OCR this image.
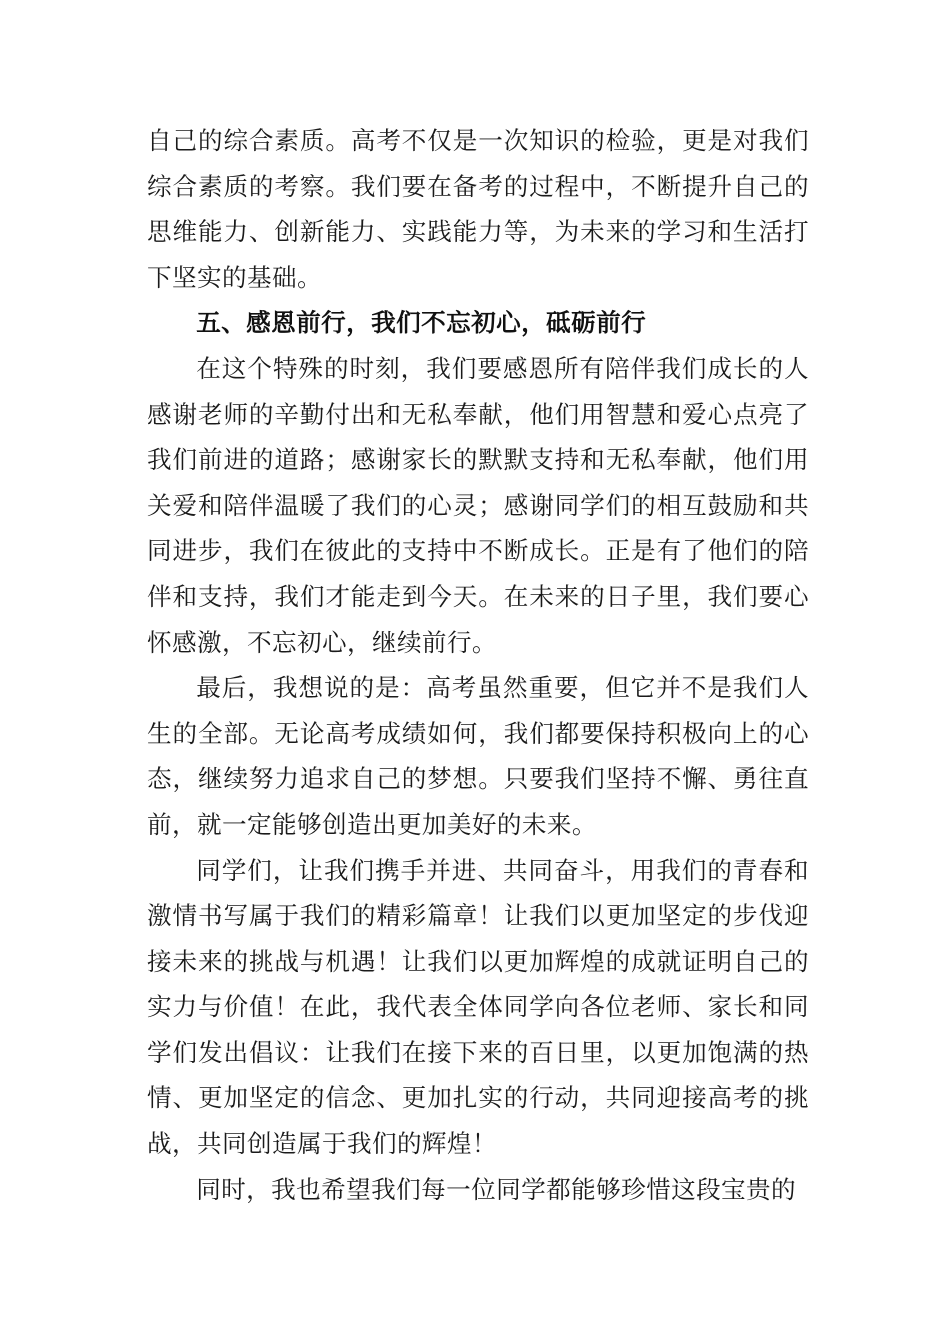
自己的综合素质。高考不仅是一次知识的检验，更是对我们综合素质的考察。我们要在备考的过程中，不断提升自己的思维能力、创新能力、实践能力等，为未来的学习和生活打下坚实的基础。

五、感恩前行，我们不忘初心，砥砺前行

在这个特殊的时刻，我们要感恩所有陪伴我们成长的人感谢老师的辛勤付出和无私奉献，他们用智慧和爱心点亮了我们前进的道路；感谢家长的默默支持和无私奉献，他们用关爱和陪伴温暖了我们的心灵；感谢同学们的相互鼓励和共同进步，我们在彼此的支持中不断成长。正是有了他们的陪伴和支持，我们才能走到今天。在未来的日子里，我们要心怀感激，不忘初心，继续前行。

最后，我想说的是：高考虽然重要，但它并不是我们人生的全部。无论高考成绩如何，我们都要保持积极向上的心态，继续努力追求自己的梦想。只要我们坚持不懈、勇往直前，就一定能够创造出更加美好的未来。

同学们，让我们携手并进、共同奋斗，用我们的青春和激情书写属于我们的精彩篇章！让我们以更加坚定的步伐迎接未来的挑战与机遇！让我们以更加辉煌的成就证明自己的实力与价值！在此，我代表全体同学向各位老师、家长和同学们发出倡议：让我们在接下来的百日里，以更加饱满的热情、更加坚定的信念、更加扎实的行动，共同迎接高考的挑战，共同创造属于我们的辉煌！

同时，我也希望我们每一位同学都能够珍惜这段宝贵的
